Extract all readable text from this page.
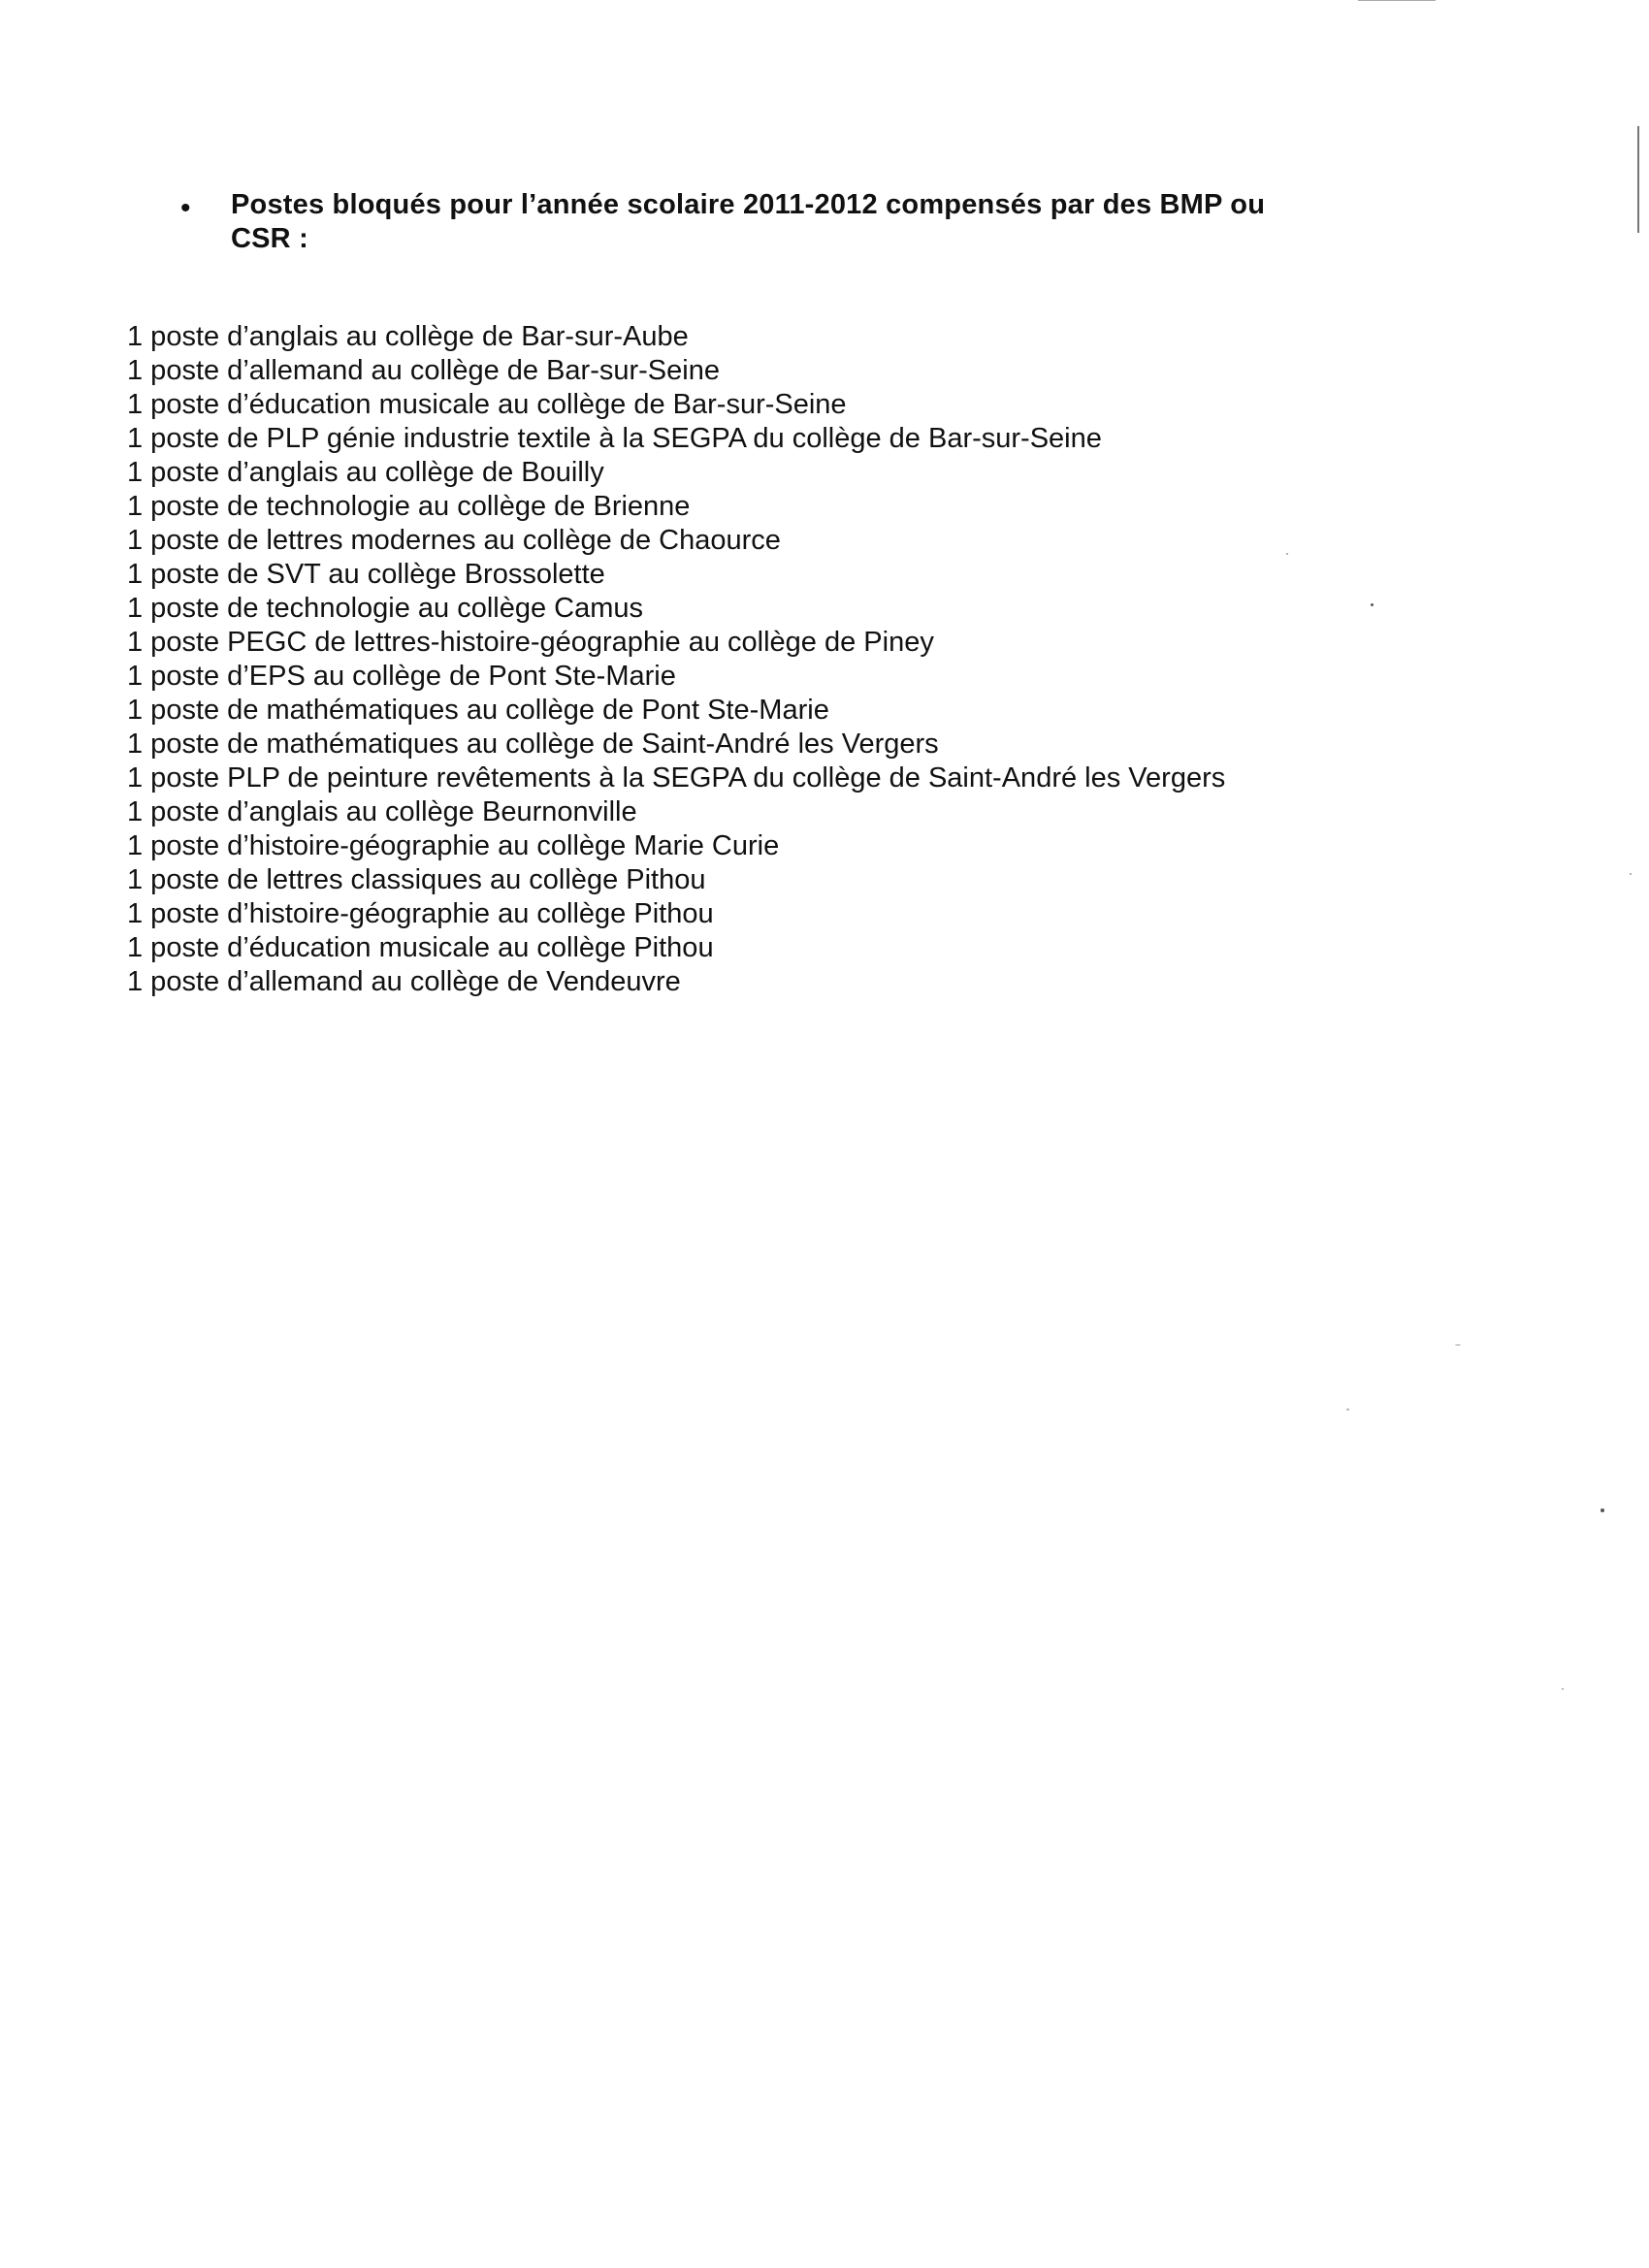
• Postes bloqués pour l’année scolaire 2011-2012 compensés par des BMP ou
CSR :
1 poste d’anglais au collège de Bar-sur-Aube
1 poste d’allemand au collège de Bar-sur-Seine
1 poste d’éducation musicale au collège de Bar-sur-Seine
1 poste de PLP génie industrie textile à la SEGPA du collège de Bar-sur-Seine
1 poste d’anglais au collège de Bouilly
1 poste de technologie au collège de Brienne
1 poste de lettres modernes au collège de Chaource
1 poste de SVT au collège Brossolette
1 poste de technologie au collège Camus
1 poste PEGC de lettres-histoire-géographie au collège de Piney
1 poste d’EPS au collège de Pont Ste-Marie
1 poste de mathématiques au collège de Pont Ste-Marie
1 poste de mathématiques au collège de Saint-André les Vergers
1 poste PLP de peinture revêtements à la SEGPA du collège de Saint-André les Vergers
1 poste d’anglais au collège Beurnonville
1 poste d’histoire-géographie au collège Marie Curie
1 poste de lettres classiques au collège Pithou
1 poste d’histoire-géographie au collège Pithou
1 poste d’éducation musicale au collège Pithou
1 poste d’allemand au collège de Vendeuvre
